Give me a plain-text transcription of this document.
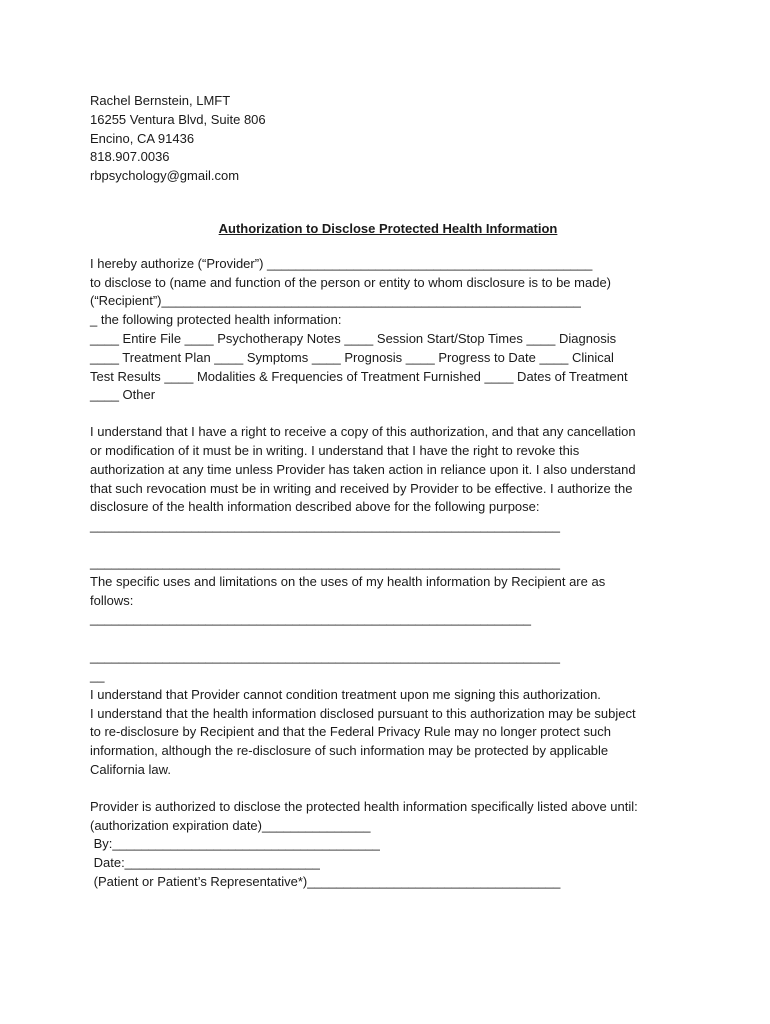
Rachel Bernstein, LMFT
16255 Ventura Blvd, Suite 806
Encino, CA 91436
818.907.0036
rbpsychology@gmail.com
Authorization to Disclose Protected Health Information
I hereby authorize (“Provider”) _____________________________________________
to disclose to (name and function of the person or entity to whom disclosure is to be made)
(“Recipient”)__________________________________________________________
_ the following protected health information:
____ Entire File ____ Psychotherapy Notes ____ Session Start/Stop Times ____ Diagnosis
____ Treatment Plan ____ Symptoms ____ Prognosis ____ Progress to Date ____ Clinical
Test Results ____ Modalities & Frequencies of Treatment Furnished ____ Dates of Treatment
____ Other
I understand that I have a right to receive a copy of this authorization, and that any cancellation
or modification of it must be in writing. I understand that I have the right to revoke this
authorization at any time unless Provider has taken action in reliance upon it. I also understand
that such revocation must be in writing and received by Provider to be effective. I authorize the
disclosure of the health information described above for the following purpose:
_________________________________________________________________
_________________________________________________________________
The specific uses and limitations on the uses of my health information by Recipient are as
follows:
_____________________________________________________________
_________________________________________________________________
__
I understand that Provider cannot condition treatment upon me signing this authorization.
I understand that the health information disclosed pursuant to this authorization may be subject
to re-disclosure by Recipient and that the Federal Privacy Rule may no longer protect such
information, although the re-disclosure of such information may be protected by applicable
California law.
Provider is authorized to disclose the protected health information specifically listed above until:
(authorization expiration date)_______________
By:_____________________________________
Date:___________________________
(Patient or Patient’s Representative*)___________________________________
